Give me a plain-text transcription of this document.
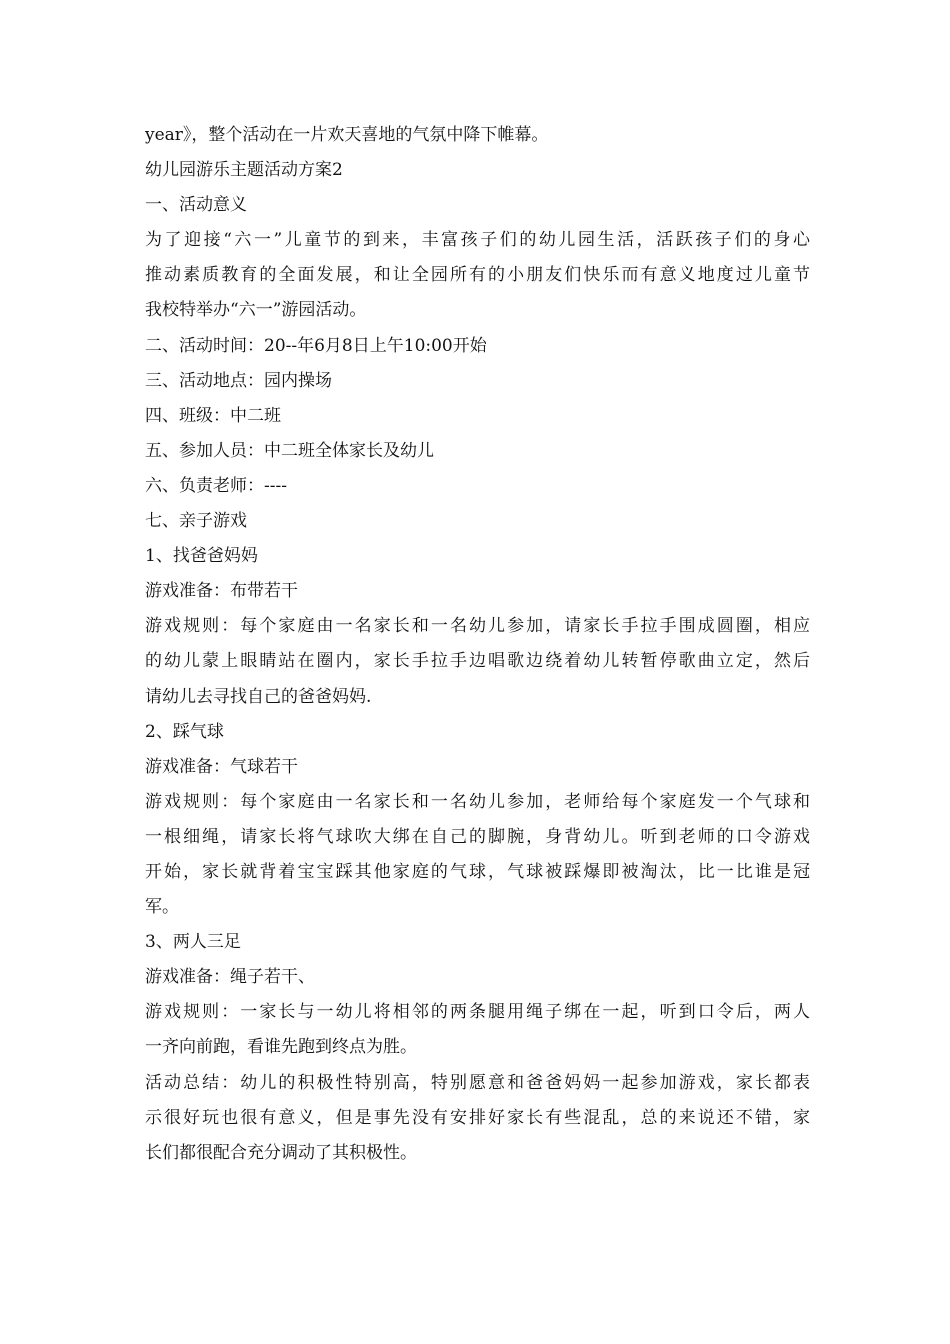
year》，整个活动在一片欢天喜地的气氛中降下帷幕。
幼儿园游乐主题活动方案2
一、活动意义
为了迎接“六一”儿童节的到来，丰富孩子们的幼儿园生活，活跃孩子们的身心
推动素质教育的全面发展，和让全园所有的小朋友们快乐而有意义地度过儿童节
我校特举办“六一”游园活动。
二、活动时间：20--年6月8日上午10:00开始
三、活动地点：园内操场
四、班级：中二班
五、参加人员：中二班全体家长及幼儿
六、负责老师：----
七、亲子游戏
1、找爸爸妈妈
游戏准备：布带若干
游戏规则：每个家庭由一名家长和一名幼儿参加，请家长手拉手围成圆圈，相应
的幼儿蒙上眼睛站在圈内，家长手拉手边唱歌边绕着幼儿转暂停歌曲立定，然后
请幼儿去寻找自己的爸爸妈妈.
2、踩气球
游戏准备：气球若干
游戏规则：每个家庭由一名家长和一名幼儿参加，老师给每个家庭发一个气球和
一根细绳，请家长将气球吹大绑在自己的脚腕，身背幼儿。听到老师的口令游戏
开始，家长就背着宝宝踩其他家庭的气球，气球被踩爆即被淘汰，比一比谁是冠
军。
3、两人三足
游戏准备：绳子若干、
游戏规则：一家长与一幼儿将相邻的两条腿用绳子绑在一起，听到口令后，两人
一齐向前跑，看谁先跑到终点为胜。
活动总结：幼儿的积极性特别高，特别愿意和爸爸妈妈一起参加游戏，家长都表
示很好玩也很有意义，但是事先没有安排好家长有些混乱，总的来说还不错，家
长们都很配合充分调动了其积极性。
